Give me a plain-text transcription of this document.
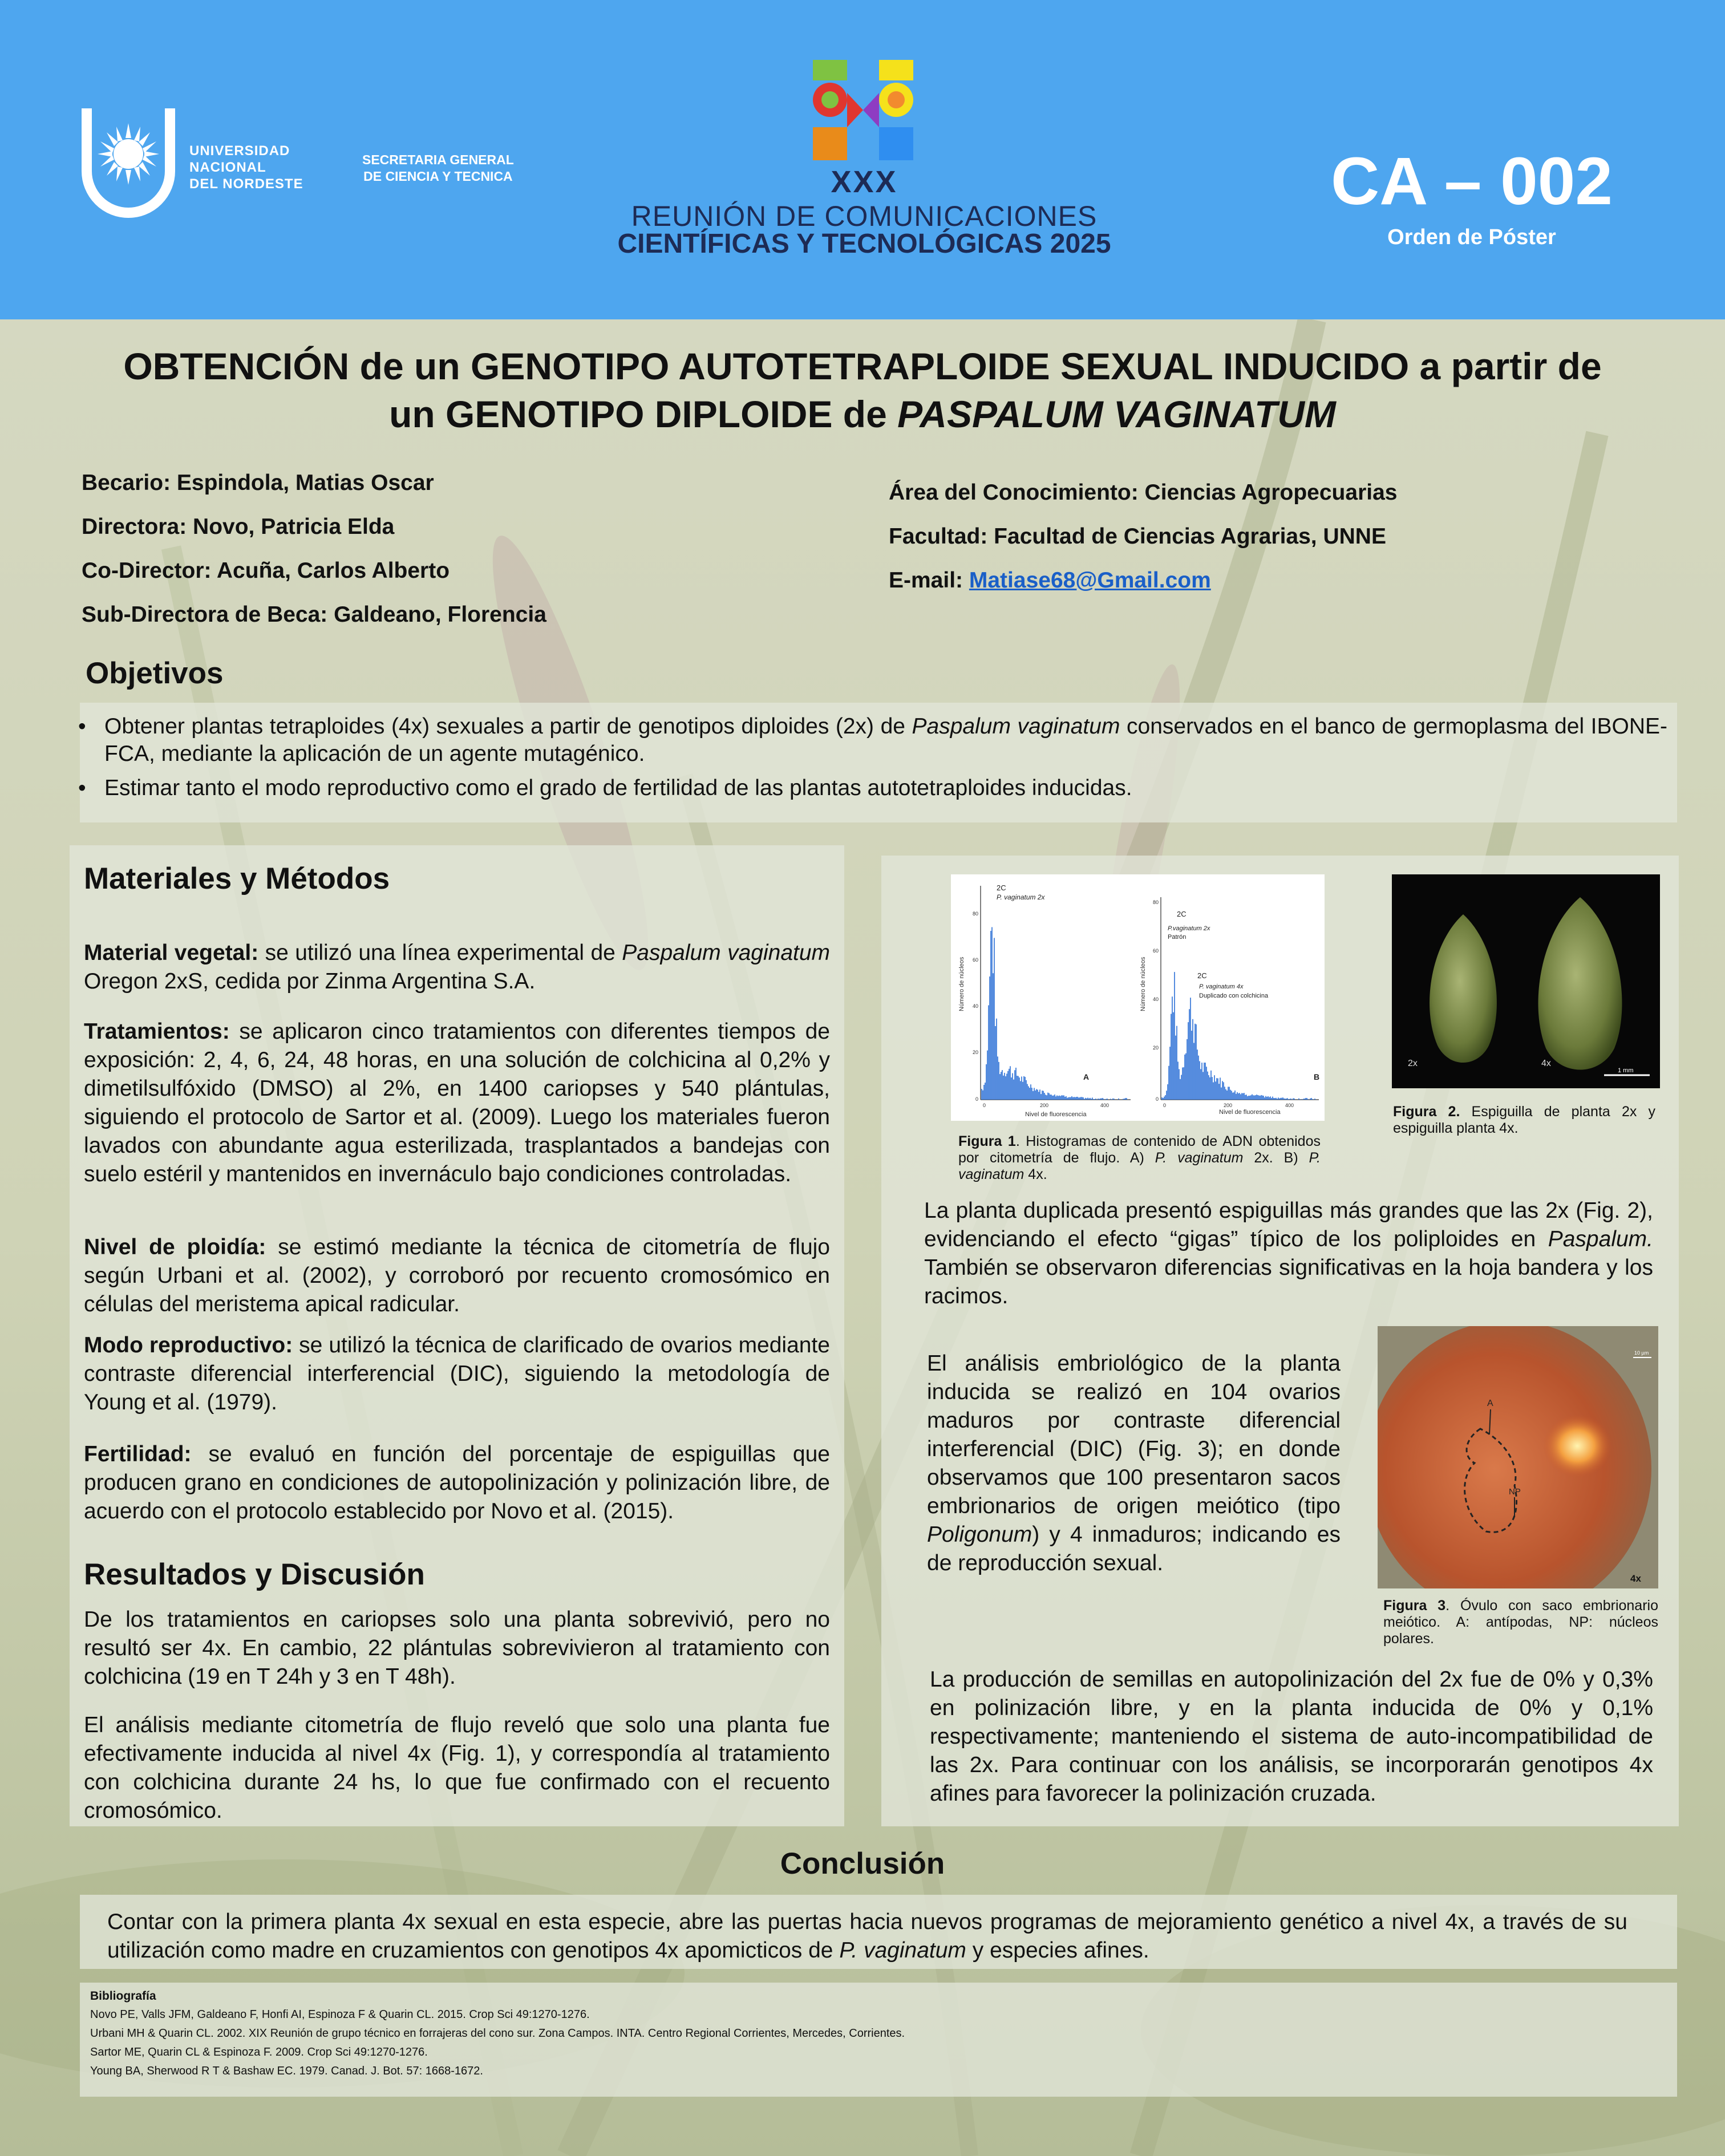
UNIVERSIDAD
NACIONAL
DEL NORDESTE
SECRETARIA GENERAL
DE CIENCIA Y TECNICA	XXX
REUNIÓN DE COMUNICACIONES
CIENTÍFICAS Y TECNOLÓGICAS 2025
CA – 002
Orden de Póster
OBTENCIÓN de un GENOTIPO AUTOTETRAPLOIDE SEXUAL INDUCIDO a partir de
un GENOTIPO DIPLOIDE de PASPALUM VAGINATUM
Becario: Espindola, Matias Oscar
Directora: Novo, Patricia Elda
Co-Director: Acuña, Carlos Alberto
Sub-Directora de Beca: Galdeano, Florencia
Área del Conocimiento: Ciencias Agropecuarias
Facultad: Facultad de Ciencias Agrarias, UNNE
E-mail: Matiase68@Gmail.com
Objetivos
• Obtener plantas tetraploides (4x) sexuales a partir de genotipos diploides (2x) de Paspalum vaginatum conservados en el banco de germoplasma del IBONE-FCA, mediante la aplicación de un agente mutagénico.
• Estimar tanto el modo reproductivo como el grado de fertilidad de las plantas autotetraploides inducidas.
Materiales y Métodos
Material vegetal: se utilizó una línea experimental de Paspalum vaginatum Oregon 2xS, cedida por Zinma Argentina S.A.
Tratamientos: se aplicaron cinco tratamientos con diferentes tiempos de exposición: 2, 4, 6, 24, 48 horas, en una solución de colchicina al 0,2% y dimetilsulfóxido (DMSO) al 2%, en 1400 cariopses y 540 plántulas, siguiendo el protocolo de Sartor et al. (2009). Luego los materiales fueron lavados con abundante agua esterilizada, trasplantados a bandejas con suelo estéril y mantenidos en invernáculo bajo condiciones controladas.
Nivel de ploidía: se estimó mediante la técnica de citometría de flujo según Urbani et al. (2002), y corroboró por recuento cromosómico en células del meristema apical radicular.
Modo reproductivo: se utilizó la técnica de clarificado de ovarios mediante contraste diferencial interferencial (DIC), siguiendo la metodología de Young et al. (1979).
Fertilidad: se evaluó en función del porcentaje de espiguillas que producen grano en condiciones de autopolinización y polinización libre, de acuerdo con el protocolo establecido por Novo et al. (2015).
Resultados y Discusión
De los tratamientos en cariopses solo una planta sobrevivió, pero no resultó ser 4x. En cambio, 22 plántulas sobrevivieron al tratamiento con colchicina (19 en T 24h y 3 en T 48h).
El análisis mediante citometría de flujo reveló que solo una planta fue efectivamente inducida al nivel 4x (Fig. 1), y correspondía al tratamiento con colchicina durante 24 hs, lo que fue confirmado con el recuento cromosómico.
80
60
40
20
0
0	200	400
Nivel de fluorescencia
Número de núcleos
2C
P. vaginatum 2x
A
80
60
40
20
0
0	200	400
Nivel de fluorescencia
Número de núcleos
2C
P.vaginatum 2x
Patrón
2C
P. vaginatum 4x
Duplicado con colchicina
B
Figura 1. Histogramas de contenido de ADN obtenidos por citometría de flujo. A) P. vaginatum 2x. B) P. vaginatum 4x.
2x	4x
1 mm
Figura 2. Espiguilla de planta 2x y espiguilla planta 4x.
La planta duplicada presentó espiguillas más grandes que las 2x (Fig. 2), evidenciando el efecto “gigas” típico de los poliploides en Paspalum. También se observaron diferencias significativas en la hoja bandera y los racimos.
A
NP
4x
10 µm
Figura 3. Óvulo con saco embrionario meiótico. A: antípodas, NP: núcleos polares.
El análisis embriológico de la planta inducida se realizó en 104 ovarios maduros por contraste diferencial interferencial (DIC) (Fig. 3); en donde observamos que 100 presentaron sacos embrionarios de origen meiótico (tipo Poligonum) y 4 inmaduros; indicando es de reproducción sexual.
La producción de semillas en autopolinización del 2x fue de 0% y 0,3% en polinización libre, y en la planta inducida de 0% y 0,1% respectivamente; manteniendo el sistema de auto-incompatibilidad de las 2x. Para continuar con los análisis, se incorporarán genotipos 4x afines para favorecer la polinización cruzada.
Conclusión
Contar con la primera planta 4x sexual en esta especie, abre las puertas hacia nuevos programas de mejoramiento genético a nivel 4x, a través de su utilización como madre en cruzamientos con genotipos 4x apomicticos de P. vaginatum y especies afines.
Bibliografía
Novo PE, Valls JFM, Galdeano F, Honfi AI, Espinoza F & Quarin CL. 2015. Crop Sci 49:1270-1276.
Urbani MH & Quarin CL. 2002. XIX Reunión de grupo técnico en forrajeras del cono sur. Zona Campos. INTA. Centro Regional Corrientes, Mercedes, Corrientes.
Sartor ME, Quarin CL & Espinoza F. 2009. Crop Sci 49:1270-1276.
Young BA, Sherwood R T & Bashaw EC. 1979. Canad. J. Bot. 57: 1668-1672.
